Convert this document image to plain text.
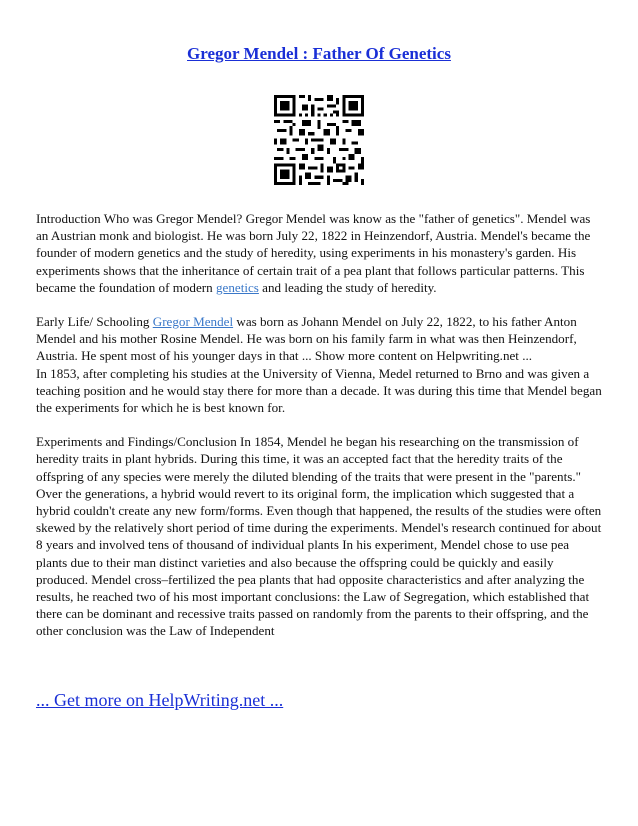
Gregor Mendel : Father Of Genetics

Introduction Who was Gregor Mendel? Gregor Mendel was know as the "father of genetics". Mendel was an Austrian monk and biologist. He was born July 22, 1822 in Heinzendorf, Austria. Mendel's became the founder of modern genetics and the study of heredity, using experiments in his monastery's garden. His experiments shows that the inheritance of certain trait of a pea plant that follows particular patterns. This became the foundation of modern genetics and leading the study of heredity.

Early Life/ Schooling Gregor Mendel was born as Johann Mendel on July 22, 1822, to his father Anton Mendel and his mother Rosine Mendel. He was born on his family farm in what was then Heinzendorf, Austria. He spent most of his younger days in that ... Show more content on Helpwriting.net ...

In 1853, after completing his studies at the University of Vienna, Medel returned to Brno and was given a teaching position and he would stay there for more than a decade. It was during this time that Mendel began the experiments for which he is best known for.

Experiments and Findings/Conclusion In 1854, Mendel he began his researching on the transmission of heredity traits in plant hybrids. During this time, it was an accepted fact that the heredity traits of the offspring of any species were merely the diluted blending of the traits that were present in the "parents." Over the generations, a hybrid would revert to its original form, the implication which suggested that a hybrid couldn't create any new form/forms. Even though that happened, the results of the studies were often skewed by the relatively short period of time during the experiments. Mendel's research continued for about 8 years and involved tens of thousand of individual plants In his experiment, Mendel chose to use pea plants due to their man distinct varieties and also because the offspring could be quickly and easily produced. Mendel cross–fertilized the pea plants that had opposite characteristics and after analyzing the results, he reached two of his most important conclusions: the Law of Segregation, which established that there can be dominant and recessive traits passed on randomly from the parents to their offspring, and the other conclusion was the Law of Independent

... Get more on HelpWriting.net ...
